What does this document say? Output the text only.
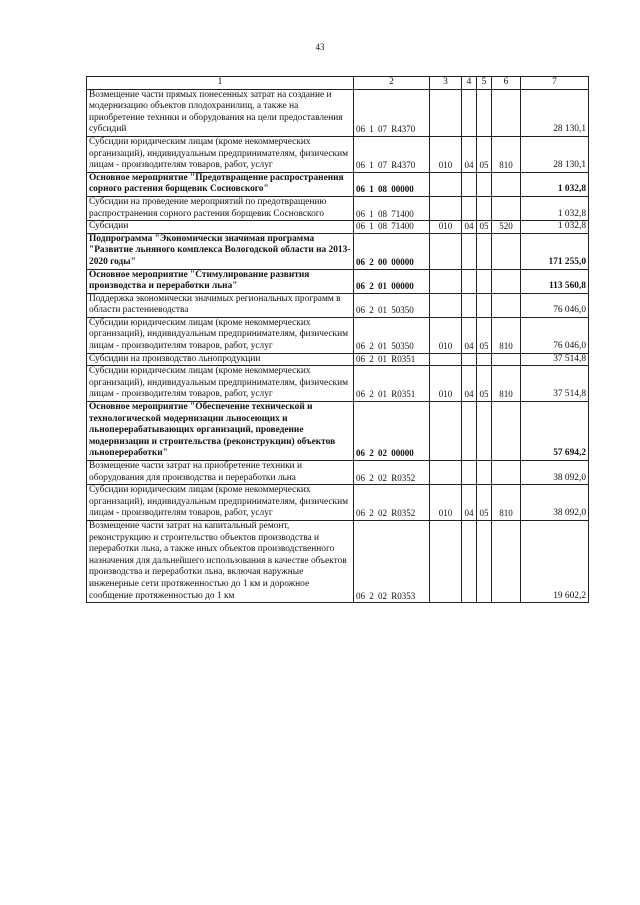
43
1	2	3	4	5	6	7
Возмещение части прямых понесенных затрат на создание и модернизацию объектов плодохранилищ, а также на приобретение техники и оборудования на цели предоставления субсидий	06 1 07 R4370					28 130,1
Субсидии юридическим лицам (кроме некоммерческих организаций), индивидуальным предпринимателям, физическим лицам - производителям товаров, работ, услуг	06 1 07 R4370	010	04	05	810	28 130,1
Основное мероприятие "Предотвращение распространения сорного растения борщевик Сосновского"	06 1 08 00000					1 032,8
Субсидии на проведение мероприятий по предотвращению распространения сорного растения борщевик Сосновского	06 1 08 71400					1 032,8
Субсидии	06 1 08 71400	010	04	05	520	1 032,8
Подпрограмма "Экономически значимая программа "Развитие льняного комплекса Вологодской области на 2013-2020 годы"	06 2 00 00000					171 255,0
Основное мероприятие "Стимулирование развития производства и переработки льна"	06 2 01 00000					113 560,8
Поддержка экономически значимых региональных программ в области растениеводства	06 2 01 50350					76 046,0
Субсидии юридическим лицам (кроме некоммерческих организаций), индивидуальным предпринимателям, физическим лицам - производителям товаров, работ, услуг	06 2 01 50350	010	04	05	810	76 046,0
Субсидии на производство льнопродукции	06 2 01 R0351					37 514,8
Субсидии юридическим лицам (кроме некоммерческих организаций), индивидуальным предпринимателям, физическим лицам - производителям товаров, работ, услуг	06 2 01 R0351	010	04	05	810	37 514,8
Основное мероприятие "Обеспечение технической и технологической модернизации льносеющих и льноперерабатывающих организаций, проведение модернизации и строительства (реконструкции) объектов льнопереработки"	06 2 02 00000					57 694,2
Возмещение части затрат на приобретение техники и оборудования для производства и переработки льна	06 2 02 R0352					38 092,0
Субсидии юридическим лицам (кроме некоммерческих организаций), индивидуальным предпринимателям, физическим лицам - производителям товаров, работ, услуг	06 2 02 R0352	010	04	05	810	38 092,0
Возмещение части затрат на капитальный ремонт, реконструкцию и строительство объектов производства и переработки льна, а также иных объектов производственного назначения для дальнейшего использования в качестве объектов производства и переработки льна, включая наружные инженерные сети протяженностью до 1 км и дорожное сообщение протяженностью до 1 км	06 2 02 R0353					19 602,2
